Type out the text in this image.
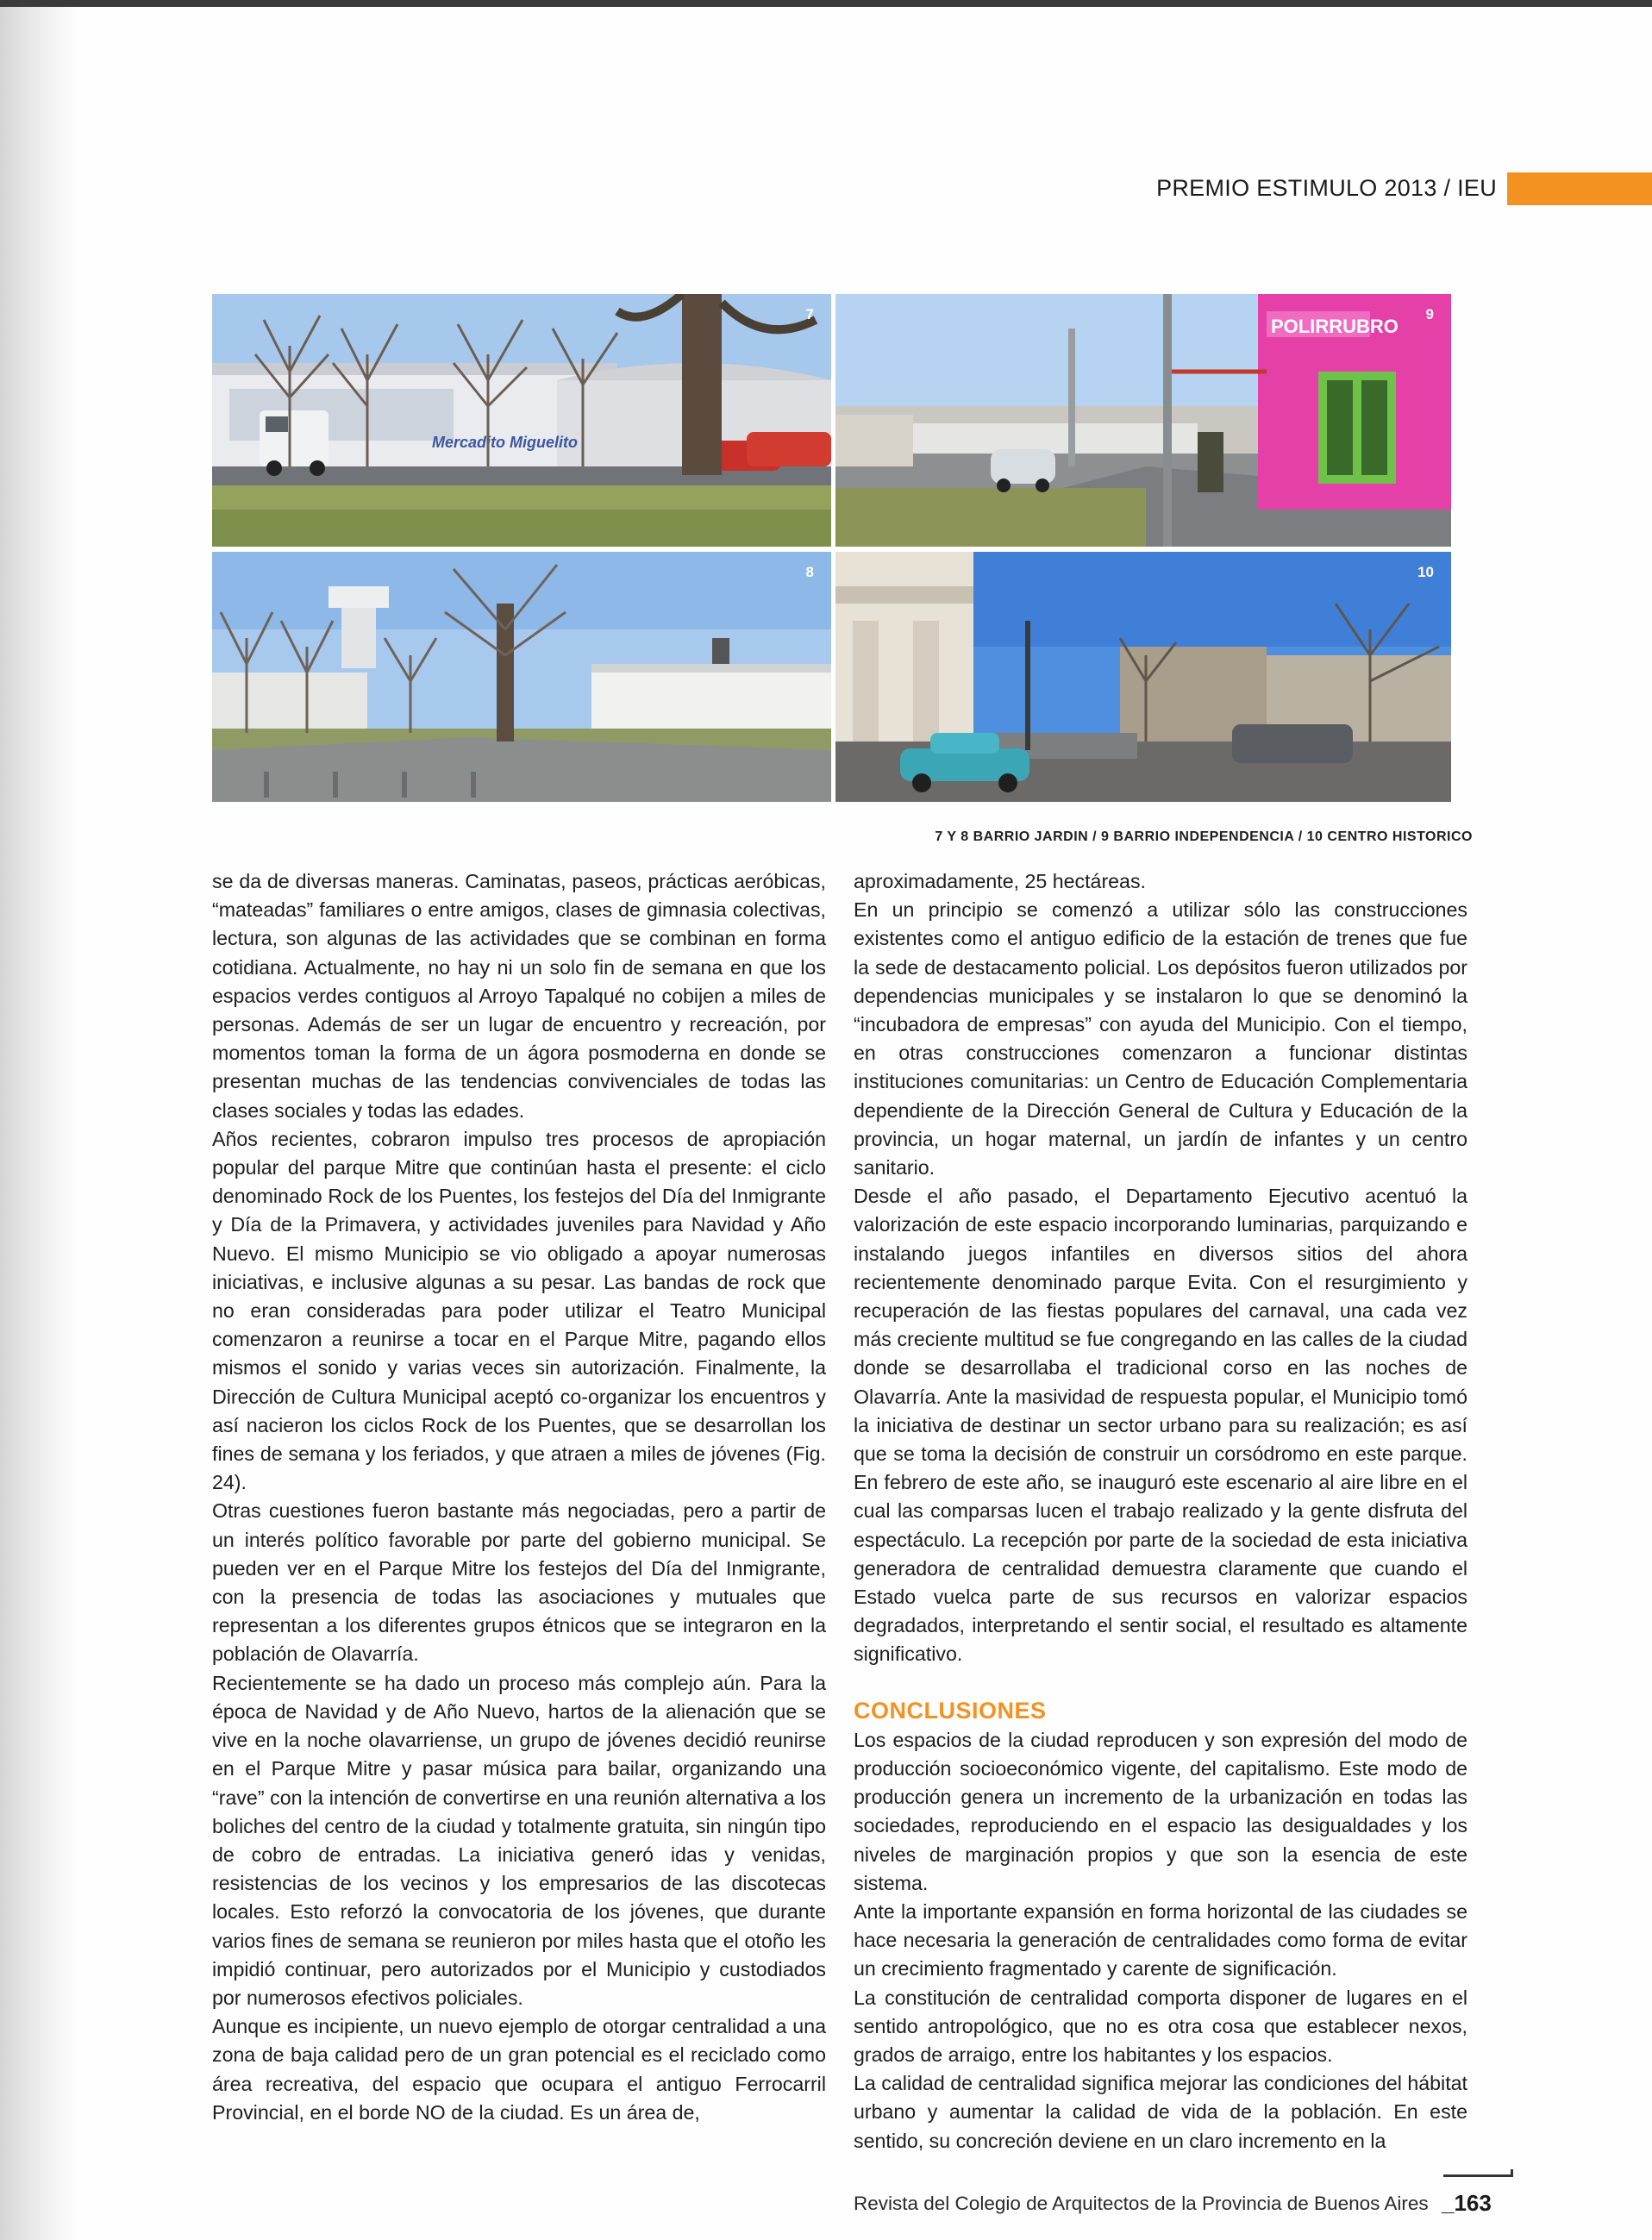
PREMIO ESTIMULO 2013 / IEU
Mercadito Miguelito
7
POLIRRUBRO
9
8	10
7 Y 8 BARRIO JARDIN / 9 BARRIO INDEPENDENCIA / 10 CENTRO HISTORICO

se da de diversas maneras. Caminatas, paseos, prácticas aeróbicas, “mateadas” familiares o entre amigos, clases de gimnasia colectivas, lectura, son algunas de las actividades que se combinan en forma cotidiana. Actualmente, no hay ni un solo fin de semana en que los espacios verdes contiguos al Arroyo Tapalqué no cobijen a miles de personas. Además de ser un lugar de encuentro y recreación, por momentos toman la forma de un ágora posmoderna en donde se presentan muchas de las tendencias convivenciales de todas las clases sociales y todas las edades.

Años recientes, cobraron impulso tres procesos de apropiación popular del parque Mitre que continúan hasta el presente: el ciclo denominado Rock de los Puentes, los festejos del Día del Inmigrante y Día de la Primavera, y actividades juveniles para Navidad y Año Nuevo. El mismo Municipio se vio obligado a apoyar numerosas iniciativas, e inclusive algunas a su pesar. Las bandas de rock que no eran consideradas para poder utilizar el Teatro Municipal comenzaron a reunirse a tocar en el Parque Mitre, pagando ellos mismos el sonido y varias veces sin autorización. Finalmente, la Dirección de Cultura Municipal aceptó co-organizar los encuentros y así nacieron los ciclos Rock de los Puentes, que se desarrollan los fines de semana y los feriados, y que atraen a miles de jóvenes (Fig. 24).

Otras cuestiones fueron bastante más negociadas, pero a partir de un interés político favorable por parte del gobierno municipal. Se pueden ver en el Parque Mitre los festejos del Día del Inmigrante, con la presencia de todas las asociaciones y mutuales que representan a los diferentes grupos étnicos que se integraron en la población de Olavarría.

Recientemente se ha dado un proceso más complejo aún. Para la época de Navidad y de Año Nuevo, hartos de la alienación que se vive en la noche olavarriense, un grupo de jóvenes decidió reunirse en el Parque Mitre y pasar música para bailar, organizando una “rave” con la intención de convertirse en una reunión alternativa a los boliches del centro de la ciudad y totalmente gratuita, sin ningún tipo de cobro de entradas. La iniciativa generó idas y venidas, resistencias de los vecinos y los empresarios de las discotecas locales. Esto reforzó la convocatoria de los jóvenes, que durante varios fines de semana se reunieron por miles hasta que el otoño les impidió continuar, pero autorizados por el Municipio y custodiados por numerosos efectivos policiales.

Aunque es incipiente, un nuevo ejemplo de otorgar centralidad a una zona de baja calidad pero de un gran potencial es el reciclado como área recreativa, del espacio que ocupara el antiguo Ferrocarril Provincial, en el borde NO de la ciudad. Es un área de,

aproximadamente, 25 hectáreas.

En un principio se comenzó a utilizar sólo las construcciones existentes como el antiguo edificio de la estación de trenes que fue la sede de destacamento policial. Los depósitos fueron utilizados por dependencias municipales y se instalaron lo que se denominó la “incubadora de empresas” con ayuda del Municipio. Con el tiempo, en otras construcciones comenzaron a funcionar distintas instituciones comunitarias: un Centro de Educación Complementaria dependiente de la Dirección General de Cultura y Educación de la provincia, un hogar maternal, un jardín de infantes y un centro sanitario.

Desde el año pasado, el Departamento Ejecutivo acentuó la valorización de este espacio incorporando luminarias, parquizando e instalando juegos infantiles en diversos sitios del ahora recientemente denominado parque Evita. Con el resurgimiento y recuperación de las fiestas populares del carnaval, una cada vez más creciente multitud se fue congregando en las calles de la ciudad donde se desarrollaba el tradicional corso en las noches de Olavarría. Ante la masividad de respuesta popular, el Municipio tomó la iniciativa de destinar un sector urbano para su realización; es así que se toma la decisión de construir un corsódromo en este parque. En febrero de este año, se inauguró este escenario al aire libre en el cual las comparsas lucen el trabajo realizado y la gente disfruta del espectáculo. La recepción por parte de la sociedad de esta iniciativa generadora de centralidad demuestra claramente que cuando el Estado vuelca parte de sus recursos en valorizar espacios degradados, interpretando el sentir social, el resultado es altamente significativo.

CONCLUSIONES

Los espacios de la ciudad reproducen y son expresión del modo de producción socioeconómico vigente, del capitalismo. Este modo de producción genera un incremento de la urbanización en todas las sociedades, reproduciendo en el espacio las desigualdades y los niveles de marginación propios y que son la esencia de este sistema.

Ante la importante expansión en forma horizontal de las ciudades se hace necesaria la generación de centralidades como forma de evitar un crecimiento fragmentado y carente de significación.

La constitución de centralidad comporta disponer de lugares en el sentido antropológico, que no es otra cosa que establecer nexos, grados de arraigo, entre los habitantes y los espacios.

La calidad de centralidad significa mejorar las condiciones del hábitat urbano y aumentar la calidad de vida de la población. En este sentido, su concreción deviene en un claro incremento en la

Revista del Colegio de Arquitectos de la Provincia de Buenos Aires _163
